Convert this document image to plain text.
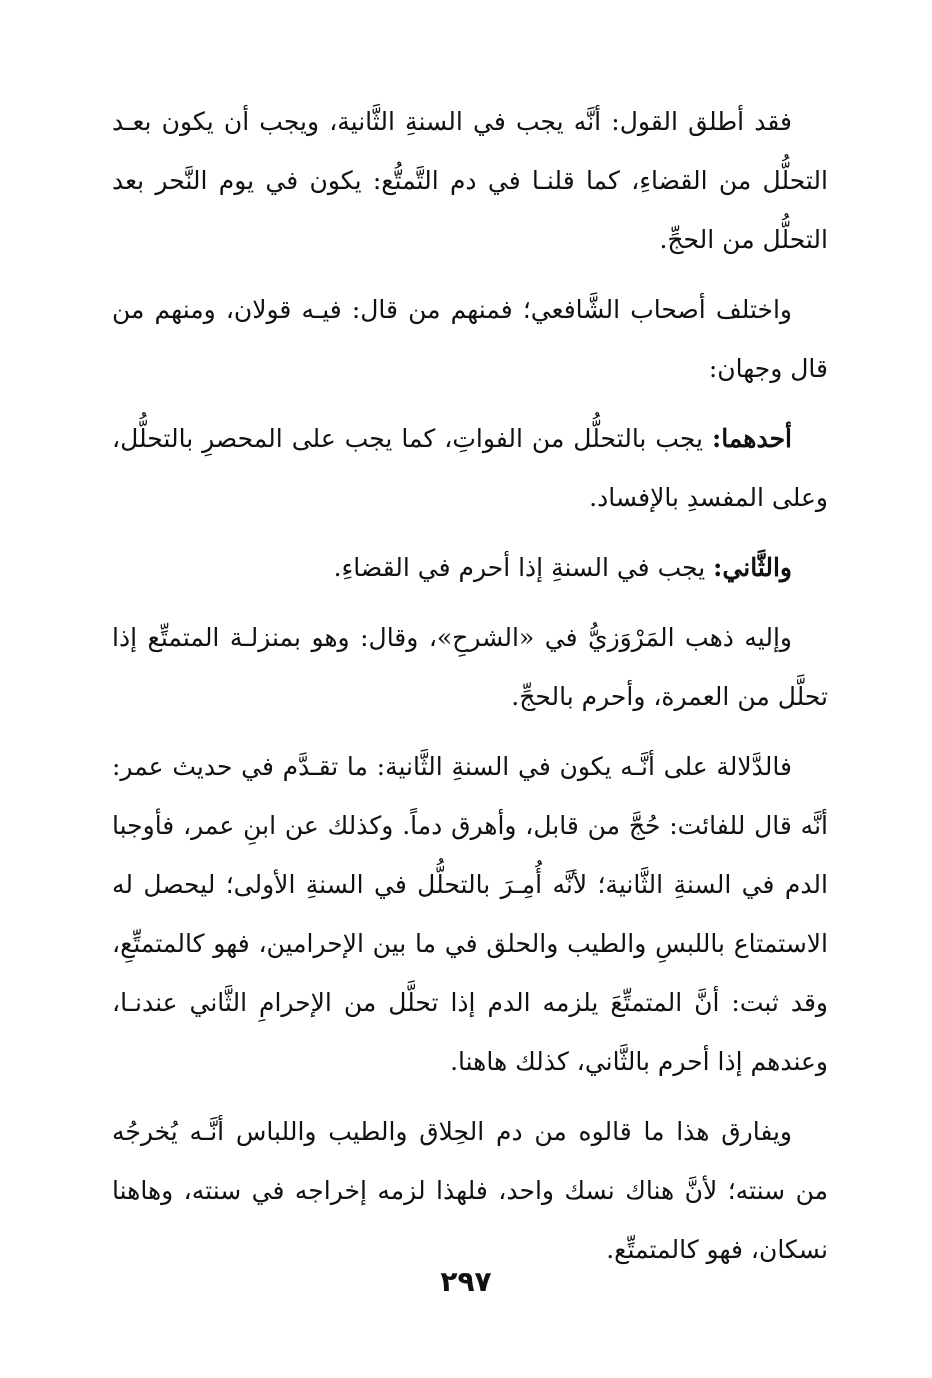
فقد أطلق القول: أنَّه يجب في السنةِ الثَّانية، ويجب أن يكون بعـد التحلُّل من القضاءِ، كما قلنـا في دم التَّمتُّع: يكون في يوم النَّحر بعد التحلُّل من الحجِّ.

واختلف أصحاب الشَّافعي؛ فمنهم من قال: فيـه قولان، ومنهم من قال وجهان:

أحدهما: يجب بالتحلُّل من الفواتِ، كما يجب على المحصرِ بالتحلُّل، وعلى المفسدِ بالإفساد.

والثَّاني: يجب في السنةِ إذا أحرم في القضاءِ.

وإليه ذهب المَرْوَزيُّ في «الشرحِ»، وقال: وهو بمنزلـة المتمتِّع إذا تحلَّل من العمرة، وأحرم بالحجِّ.

فالدَّلالة على أنَّـه يكون في السنةِ الثَّانية: ما تقـدَّم في حديث عمر: أنَّه قال للفائت: حُجَّ من قابل، وأهرق دماً. وكذلك عن ابنِ عمر، فأوجبا الدم في السنةِ الثَّانية؛ لأنَّه أُمِـرَ بالتحلُّل في السنةِ الأولى؛ ليحصل له الاستمتاع باللبسِ والطيب والحلق في ما بين الإحرامين، فهو كالمتمتِّعِ، وقد ثبت: أنَّ المتمتِّعَ يلزمه الدم إذا تحلَّل من الإحرامِ الثَّاني عندنـا، وعندهم إذا أحرم بالثَّاني، كذلك هاهنا.

ويفارق هذا ما قالوه من دم الحِلاق والطيب واللباس أنَّـه يُخرجُه من سنته؛ لأنَّ هناك نسك واحد، فلهذا لزمه إخراجه في سنته، وهاهنا نسكان، فهو كالمتمتِّع.

٢٩٧
